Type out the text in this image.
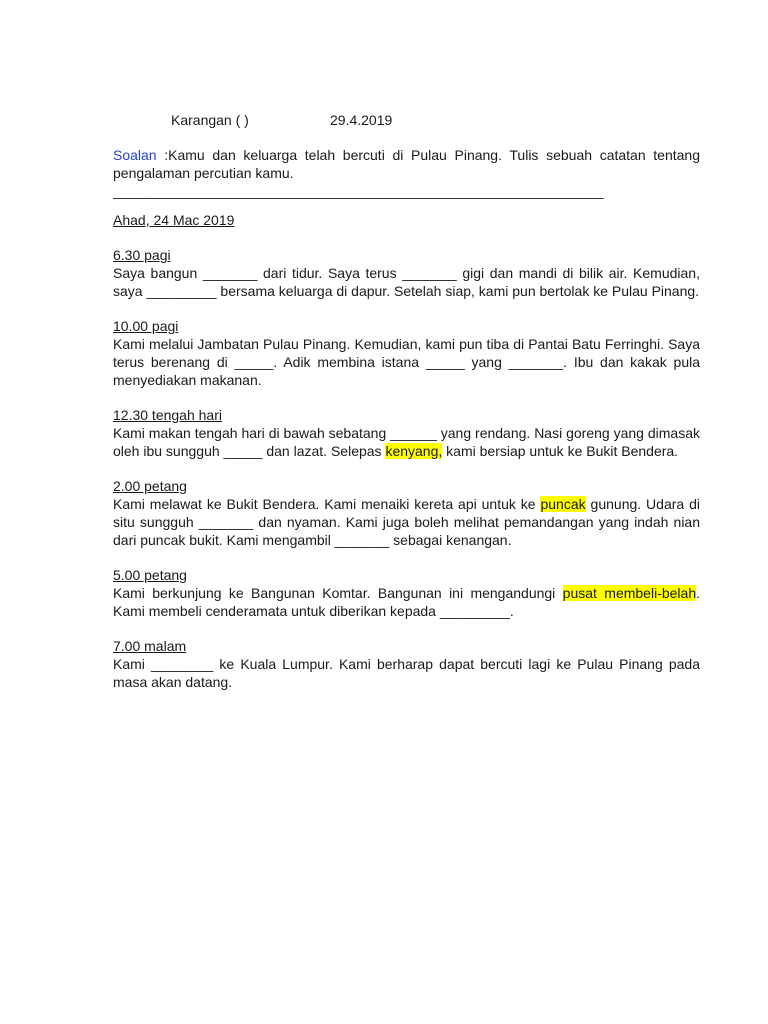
Karangan ( )	29.4.2019

Soalan :Kamu dan keluarga telah bercuti di Pulau Pinang. Tulis sebuah catatan tentang pengalaman percutian kamu.

_______________________________________________________________

Ahad, 24 Mac 2019

6.30 pagi

Saya bangun _______ dari tidur. Saya terus _______ gigi dan mandi di bilik air. Kemudian, saya _________ bersama keluarga di dapur. Setelah siap, kami pun bertolak ke Pulau Pinang.

10.00 pagi

Kami melalui Jambatan Pulau Pinang. Kemudian, kami pun tiba di Pantai Batu Ferringhi. Saya terus berenang di _____. Adik membina istana _____ yang _______. Ibu dan kakak pula menyediakan makanan.

12.30 tengah hari

Kami makan tengah hari di bawah sebatang ______ yang rendang. Nasi goreng yang dimasak oleh ibu sungguh _____ dan lazat. Selepas kenyang, kami bersiap untuk ke Bukit Bendera.

2.00 petang

Kami melawat ke Bukit Bendera. Kami menaiki kereta api untuk ke puncak gunung. Udara di situ sungguh _______ dan nyaman. Kami juga boleh melihat pemandangan yang indah nian dari puncak bukit. Kami mengambil _______ sebagai kenangan.

5.00 petang

Kami berkunjung ke Bangunan Komtar. Bangunan ini mengandungi pusat membeli-belah. Kami membeli cenderamata untuk diberikan kepada _________.

7.00 malam

Kami ________ ke Kuala Lumpur. Kami berharap dapat bercuti lagi ke Pulau Pinang pada masa akan datang.
